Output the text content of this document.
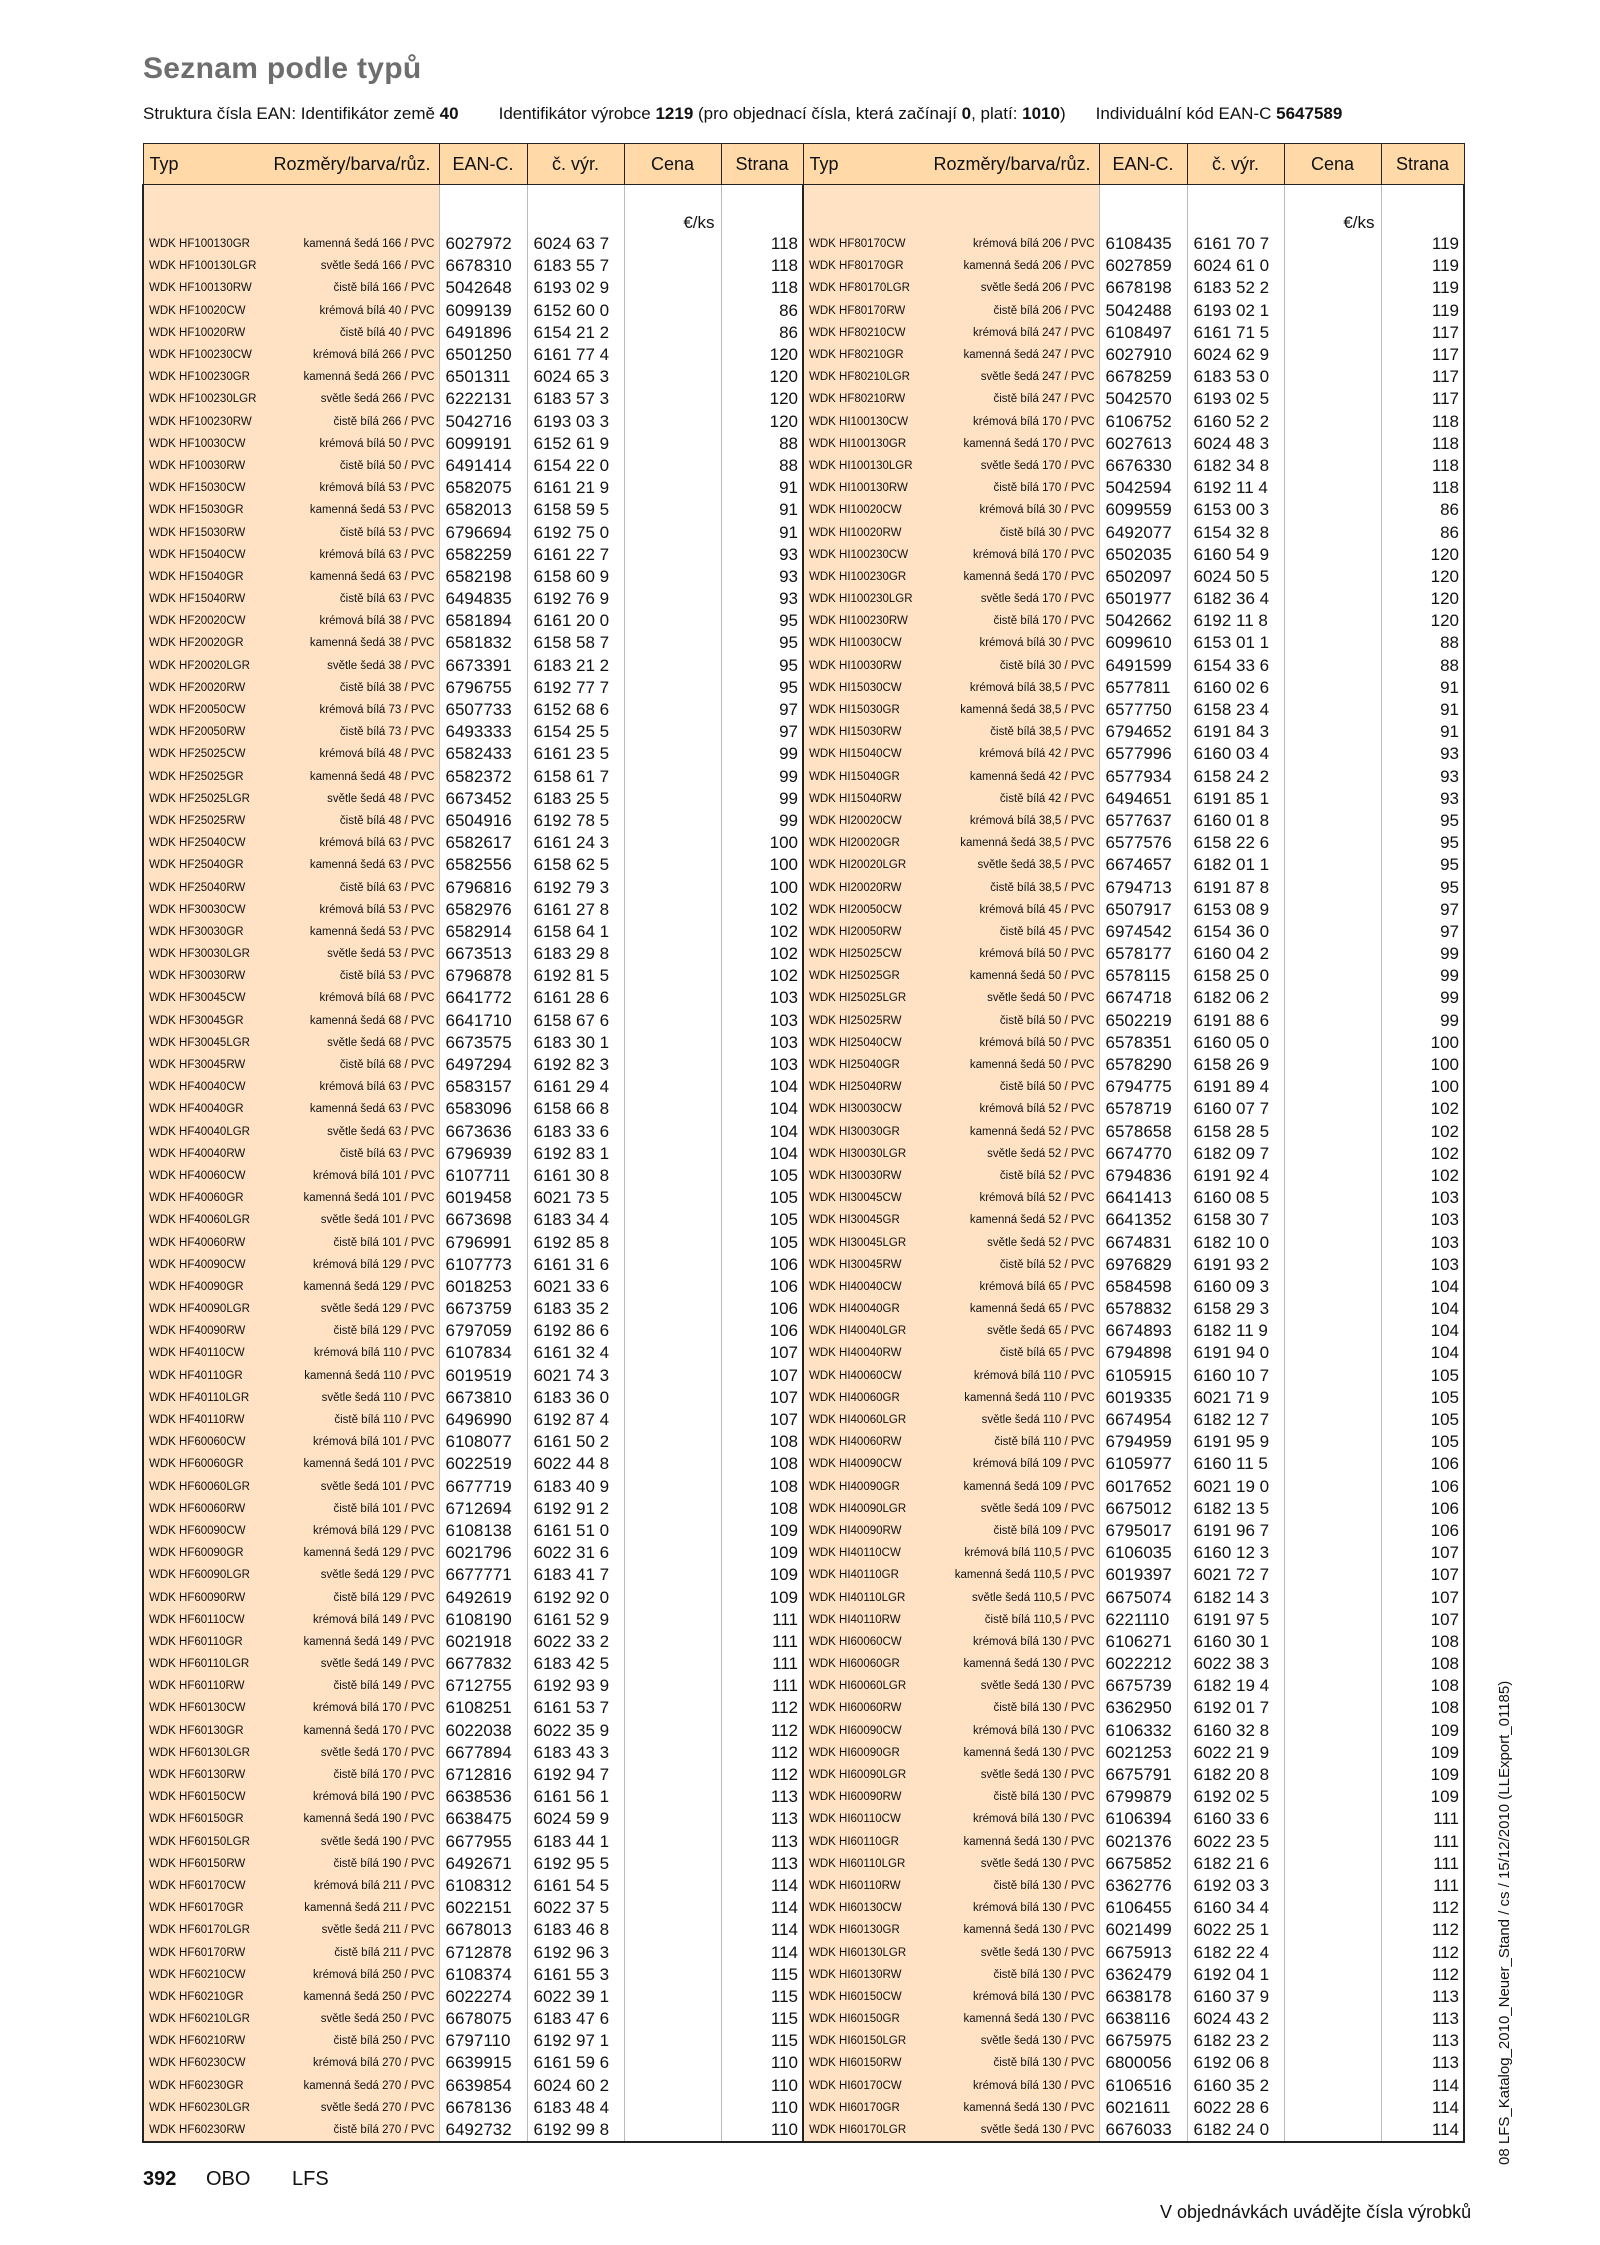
Seznam podle typů
Struktura čísla EAN: Identifikátor země 40 Identifikátor výrobce 1219 (pro objednací čísla, která začínají 0, platí: 1010) Individuální kód EAN-C 5647589
Typ Rozměry/barva/růz.	EAN-C.	č. výr.	Cena	Strana	Typ Rozměry/barva/růz.	EAN-C.	č. výr.	Cena	Strana
			€/ks					€/ks	

WDK HF100130GR kamenná šedá 166 / PVC	6027972	6024 63 7		118	WDK HF80170CW krémová bílá 206 / PVC	6108435	6161 70 7		119

WDK HF100130LGR světle šedá 166 / PVC	6678310	6183 55 7		118	WDK HF80170GR kamenná šedá 206 / PVC	6027859	6024 61 0		119

WDK HF100130RW čistě bílá 166 / PVC	5042648	6193 02 9		118	WDK HF80170LGR světle šedá 206 / PVC	6678198	6183 52 2		119

WDK HF10020CW krémová bílá 40 / PVC	6099139	6152 60 0		86	WDK HF80170RW čistě bílá 206 / PVC	5042488	6193 02 1		119

WDK HF10020RW čistě bílá 40 / PVC	6491896	6154 21 2		86	WDK HF80210CW krémová bílá 247 / PVC	6108497	6161 71 5		117

WDK HF100230CW krémová bílá 266 / PVC	6501250	6161 77 4		120	WDK HF80210GR kamenná šedá 247 / PVC	6027910	6024 62 9		117

WDK HF100230GR kamenná šedá 266 / PVC	6501311	6024 65 3		120	WDK HF80210LGR světle šedá 247 / PVC	6678259	6183 53 0		117

WDK HF100230LGR světle šedá 266 / PVC	6222131	6183 57 3		120	WDK HF80210RW čistě bílá 247 / PVC	5042570	6193 02 5		117

WDK HF100230RW čistě bílá 266 / PVC	5042716	6193 03 3		120	WDK HI100130CW krémová bílá 170 / PVC	6106752	6160 52 2		118

WDK HF10030CW krémová bílá 50 / PVC	6099191	6152 61 9		88	WDK HI100130GR kamenná šedá 170 / PVC	6027613	6024 48 3		118

WDK HF10030RW čistě bílá 50 / PVC	6491414	6154 22 0		88	WDK HI100130LGR světle šedá 170 / PVC	6676330	6182 34 8		118

WDK HF15030CW krémová bílá 53 / PVC	6582075	6161 21 9		91	WDK HI100130RW čistě bílá 170 / PVC	5042594	6192 11 4		118

WDK HF15030GR kamenná šedá 53 / PVC	6582013	6158 59 5		91	WDK HI10020CW krémová bílá 30 / PVC	6099559	6153 00 3		86

WDK HF15030RW čistě bílá 53 / PVC	6796694	6192 75 0		91	WDK HI10020RW čistě bílá 30 / PVC	6492077	6154 32 8		86

WDK HF15040CW krémová bílá 63 / PVC	6582259	6161 22 7		93	WDK HI100230CW krémová bílá 170 / PVC	6502035	6160 54 9		120

WDK HF15040GR kamenná šedá 63 / PVC	6582198	6158 60 9		93	WDK HI100230GR kamenná šedá 170 / PVC	6502097	6024 50 5		120

WDK HF15040RW čistě bílá 63 / PVC	6494835	6192 76 9		93	WDK HI100230LGR světle šedá 170 / PVC	6501977	6182 36 4		120

WDK HF20020CW krémová bílá 38 / PVC	6581894	6161 20 0		95	WDK HI100230RW čistě bílá 170 / PVC	5042662	6192 11 8		120

WDK HF20020GR kamenná šedá 38 / PVC	6581832	6158 58 7		95	WDK HI10030CW krémová bílá 30 / PVC	6099610	6153 01 1		88

WDK HF20020LGR světle šedá 38 / PVC	6673391	6183 21 2		95	WDK HI10030RW čistě bílá 30 / PVC	6491599	6154 33 6		88

WDK HF20020RW čistě bílá 38 / PVC	6796755	6192 77 7		95	WDK HI15030CW krémová bílá 38,5 / PVC	6577811	6160 02 6		91

WDK HF20050CW krémová bílá 73 / PVC	6507733	6152 68 6		97	WDK HI15030GR kamenná šedá 38,5 / PVC	6577750	6158 23 4		91

WDK HF20050RW čistě bílá 73 / PVC	6493333	6154 25 5		97	WDK HI15030RW čistě bílá 38,5 / PVC	6794652	6191 84 3		91

WDK HF25025CW krémová bílá 48 / PVC	6582433	6161 23 5		99	WDK HI15040CW krémová bílá 42 / PVC	6577996	6160 03 4		93

WDK HF25025GR kamenná šedá 48 / PVC	6582372	6158 61 7		99	WDK HI15040GR kamenná šedá 42 / PVC	6577934	6158 24 2		93

WDK HF25025LGR světle šedá 48 / PVC	6673452	6183 25 5		99	WDK HI15040RW čistě bílá 42 / PVC	6494651	6191 85 1		93

WDK HF25025RW čistě bílá 48 / PVC	6504916	6192 78 5		99	WDK HI20020CW krémová bílá 38,5 / PVC	6577637	6160 01 8		95

WDK HF25040CW krémová bílá 63 / PVC	6582617	6161 24 3		100	WDK HI20020GR kamenná šedá 38,5 / PVC	6577576	6158 22 6		95

WDK HF25040GR kamenná šedá 63 / PVC	6582556	6158 62 5		100	WDK HI20020LGR světle šedá 38,5 / PVC	6674657	6182 01 1		95

WDK HF25040RW čistě bílá 63 / PVC	6796816	6192 79 3		100	WDK HI20020RW čistě bílá 38,5 / PVC	6794713	6191 87 8		95

WDK HF30030CW krémová bílá 53 / PVC	6582976	6161 27 8		102	WDK HI20050CW krémová bílá 45 / PVC	6507917	6153 08 9		97

WDK HF30030GR kamenná šedá 53 / PVC	6582914	6158 64 1		102	WDK HI20050RW čistě bílá 45 / PVC	6974542	6154 36 0		97

WDK HF30030LGR světle šedá 53 / PVC	6673513	6183 29 8		102	WDK HI25025CW krémová bílá 50 / PVC	6578177	6160 04 2		99

WDK HF30030RW čistě bílá 53 / PVC	6796878	6192 81 5		102	WDK HI25025GR kamenná šedá 50 / PVC	6578115	6158 25 0		99

WDK HF30045CW krémová bílá 68 / PVC	6641772	6161 28 6		103	WDK HI25025LGR světle šedá 50 / PVC	6674718	6182 06 2		99

WDK HF30045GR kamenná šedá 68 / PVC	6641710	6158 67 6		103	WDK HI25025RW čistě bílá 50 / PVC	6502219	6191 88 6		99

WDK HF30045LGR světle šedá 68 / PVC	6673575	6183 30 1		103	WDK HI25040CW krémová bílá 50 / PVC	6578351	6160 05 0		100

WDK HF30045RW čistě bílá 68 / PVC	6497294	6192 82 3		103	WDK HI25040GR kamenná šedá 50 / PVC	6578290	6158 26 9		100

WDK HF40040CW krémová bílá 63 / PVC	6583157	6161 29 4		104	WDK HI25040RW čistě bílá 50 / PVC	6794775	6191 89 4		100

WDK HF40040GR kamenná šedá 63 / PVC	6583096	6158 66 8		104	WDK HI30030CW krémová bílá 52 / PVC	6578719	6160 07 7		102

WDK HF40040LGR světle šedá 63 / PVC	6673636	6183 33 6		104	WDK HI30030GR kamenná šedá 52 / PVC	6578658	6158 28 5		102

WDK HF40040RW čistě bílá 63 / PVC	6796939	6192 83 1		104	WDK HI30030LGR světle šedá 52 / PVC	6674770	6182 09 7		102

WDK HF40060CW krémová bílá 101 / PVC	6107711	6161 30 8		105	WDK HI30030RW čistě bílá 52 / PVC	6794836	6191 92 4		102

WDK HF40060GR kamenná šedá 101 / PVC	6019458	6021 73 5		105	WDK HI30045CW krémová bílá 52 / PVC	6641413	6160 08 5		103

WDK HF40060LGR světle šedá 101 / PVC	6673698	6183 34 4		105	WDK HI30045GR kamenná šedá 52 / PVC	6641352	6158 30 7		103

WDK HF40060RW čistě bílá 101 / PVC	6796991	6192 85 8		105	WDK HI30045LGR světle šedá 52 / PVC	6674831	6182 10 0		103

WDK HF40090CW krémová bílá 129 / PVC	6107773	6161 31 6		106	WDK HI30045RW čistě bílá 52 / PVC	6976829	6191 93 2		103

WDK HF40090GR kamenná šedá 129 / PVC	6018253	6021 33 6		106	WDK HI40040CW krémová bílá 65 / PVC	6584598	6160 09 3		104

WDK HF40090LGR světle šedá 129 / PVC	6673759	6183 35 2		106	WDK HI40040GR kamenná šedá 65 / PVC	6578832	6158 29 3		104

WDK HF40090RW čistě bílá 129 / PVC	6797059	6192 86 6		106	WDK HI40040LGR světle šedá 65 / PVC	6674893	6182 11 9		104

WDK HF40110CW krémová bílá 110 / PVC	6107834	6161 32 4		107	WDK HI40040RW čistě bílá 65 / PVC	6794898	6191 94 0		104

WDK HF40110GR kamenná šedá 110 / PVC	6019519	6021 74 3		107	WDK HI40060CW krémová bílá 110 / PVC	6105915	6160 10 7		105

WDK HF40110LGR světle šedá 110 / PVC	6673810	6183 36 0		107	WDK HI40060GR kamenná šedá 110 / PVC	6019335	6021 71 9		105

WDK HF40110RW čistě bílá 110 / PVC	6496990	6192 87 4		107	WDK HI40060LGR světle šedá 110 / PVC	6674954	6182 12 7		105

WDK HF60060CW krémová bílá 101 / PVC	6108077	6161 50 2		108	WDK HI40060RW čistě bílá 110 / PVC	6794959	6191 95 9		105

WDK HF60060GR kamenná šedá 101 / PVC	6022519	6022 44 8		108	WDK HI40090CW krémová bílá 109 / PVC	6105977	6160 11 5		106

WDK HF60060LGR světle šedá 101 / PVC	6677719	6183 40 9		108	WDK HI40090GR kamenná šedá 109 / PVC	6017652	6021 19 0		106

WDK HF60060RW čistě bílá 101 / PVC	6712694	6192 91 2		108	WDK HI40090LGR světle šedá 109 / PVC	6675012	6182 13 5		106

WDK HF60090CW krémová bílá 129 / PVC	6108138	6161 51 0		109	WDK HI40090RW čistě bílá 109 / PVC	6795017	6191 96 7		106

WDK HF60090GR kamenná šedá 129 / PVC	6021796	6022 31 6		109	WDK HI40110CW krémová bílá 110,5 / PVC	6106035	6160 12 3		107

WDK HF60090LGR světle šedá 129 / PVC	6677771	6183 41 7		109	WDK HI40110GR kamenná šedá 110,5 / PVC	6019397	6021 72 7		107

WDK HF60090RW čistě bílá 129 / PVC	6492619	6192 92 0		109	WDK HI40110LGR světle šedá 110,5 / PVC	6675074	6182 14 3		107

WDK HF60110CW krémová bílá 149 / PVC	6108190	6161 52 9		111	WDK HI40110RW čistě bílá 110,5 / PVC	6221110	6191 97 5		107

WDK HF60110GR kamenná šedá 149 / PVC	6021918	6022 33 2		111	WDK HI60060CW krémová bílá 130 / PVC	6106271	6160 30 1		108

WDK HF60110LGR světle šedá 149 / PVC	6677832	6183 42 5		111	WDK HI60060GR kamenná šedá 130 / PVC	6022212	6022 38 3		108

WDK HF60110RW čistě bílá 149 / PVC	6712755	6192 93 9		111	WDK HI60060LGR světle šedá 130 / PVC	6675739	6182 19 4		108

WDK HF60130CW krémová bílá 170 / PVC	6108251	6161 53 7		112	WDK HI60060RW čistě bílá 130 / PVC	6362950	6192 01 7		108

WDK HF60130GR kamenná šedá 170 / PVC	6022038	6022 35 9		112	WDK HI60090CW krémová bílá 130 / PVC	6106332	6160 32 8		109

WDK HF60130LGR světle šedá 170 / PVC	6677894	6183 43 3		112	WDK HI60090GR kamenná šedá 130 / PVC	6021253	6022 21 9		109

WDK HF60130RW čistě bílá 170 / PVC	6712816	6192 94 7		112	WDK HI60090LGR světle šedá 130 / PVC	6675791	6182 20 8		109

WDK HF60150CW krémová bílá 190 / PVC	6638536	6161 56 1		113	WDK HI60090RW čistě bílá 130 / PVC	6799879	6192 02 5		109

WDK HF60150GR kamenná šedá 190 / PVC	6638475	6024 59 9		113	WDK HI60110CW krémová bílá 130 / PVC	6106394	6160 33 6		111

WDK HF60150LGR světle šedá 190 / PVC	6677955	6183 44 1		113	WDK HI60110GR kamenná šedá 130 / PVC	6021376	6022 23 5		111

WDK HF60150RW čistě bílá 190 / PVC	6492671	6192 95 5		113	WDK HI60110LGR světle šedá 130 / PVC	6675852	6182 21 6		111

WDK HF60170CW krémová bílá 211 / PVC	6108312	6161 54 5		114	WDK HI60110RW čistě bílá 130 / PVC	6362776	6192 03 3		111

WDK HF60170GR kamenná šedá 211 / PVC	6022151	6022 37 5		114	WDK HI60130CW krémová bílá 130 / PVC	6106455	6160 34 4		112

WDK HF60170LGR světle šedá 211 / PVC	6678013	6183 46 8		114	WDK HI60130GR kamenná šedá 130 / PVC	6021499	6022 25 1		112

WDK HF60170RW čistě bílá 211 / PVC	6712878	6192 96 3		114	WDK HI60130LGR světle šedá 130 / PVC	6675913	6182 22 4		112

WDK HF60210CW krémová bílá 250 / PVC	6108374	6161 55 3		115	WDK HI60130RW čistě bílá 130 / PVC	6362479	6192 04 1		112

WDK HF60210GR kamenná šedá 250 / PVC	6022274	6022 39 1		115	WDK HI60150CW krémová bílá 130 / PVC	6638178	6160 37 9		113

WDK HF60210LGR světle šedá 250 / PVC	6678075	6183 47 6		115	WDK HI60150GR kamenná šedá 130 / PVC	6638116	6024 43 2		113

WDK HF60210RW čistě bílá 250 / PVC	6797110	6192 97 1		115	WDK HI60150LGR světle šedá 130 / PVC	6675975	6182 23 2		113

WDK HF60230CW krémová bílá 270 / PVC	6639915	6161 59 6		110	WDK HI60150RW čistě bílá 130 / PVC	6800056	6192 06 8		113

WDK HF60230GR kamenná šedá 270 / PVC	6639854	6024 60 2		110	WDK HI60170CW krémová bílá 130 / PVC	6106516	6160 35 2		114

WDK HF60230LGR světle šedá 270 / PVC	6678136	6183 48 4		110	WDK HI60170GR kamenná šedá 130 / PVC	6021611	6022 28 6		114

WDK HF60230RW čistě bílá 270 / PVC	6492732	6192 99 8		110	WDK HI60170LGR světle šedá 130 / PVC	6676033	6182 24 0		114
392 OBO LFS
V objednávkách uvádějte čísla výrobků
08 LFS_Katalog_2010_Neuer_Stand / cs / 15/12/2010 (LLExport_01185)
